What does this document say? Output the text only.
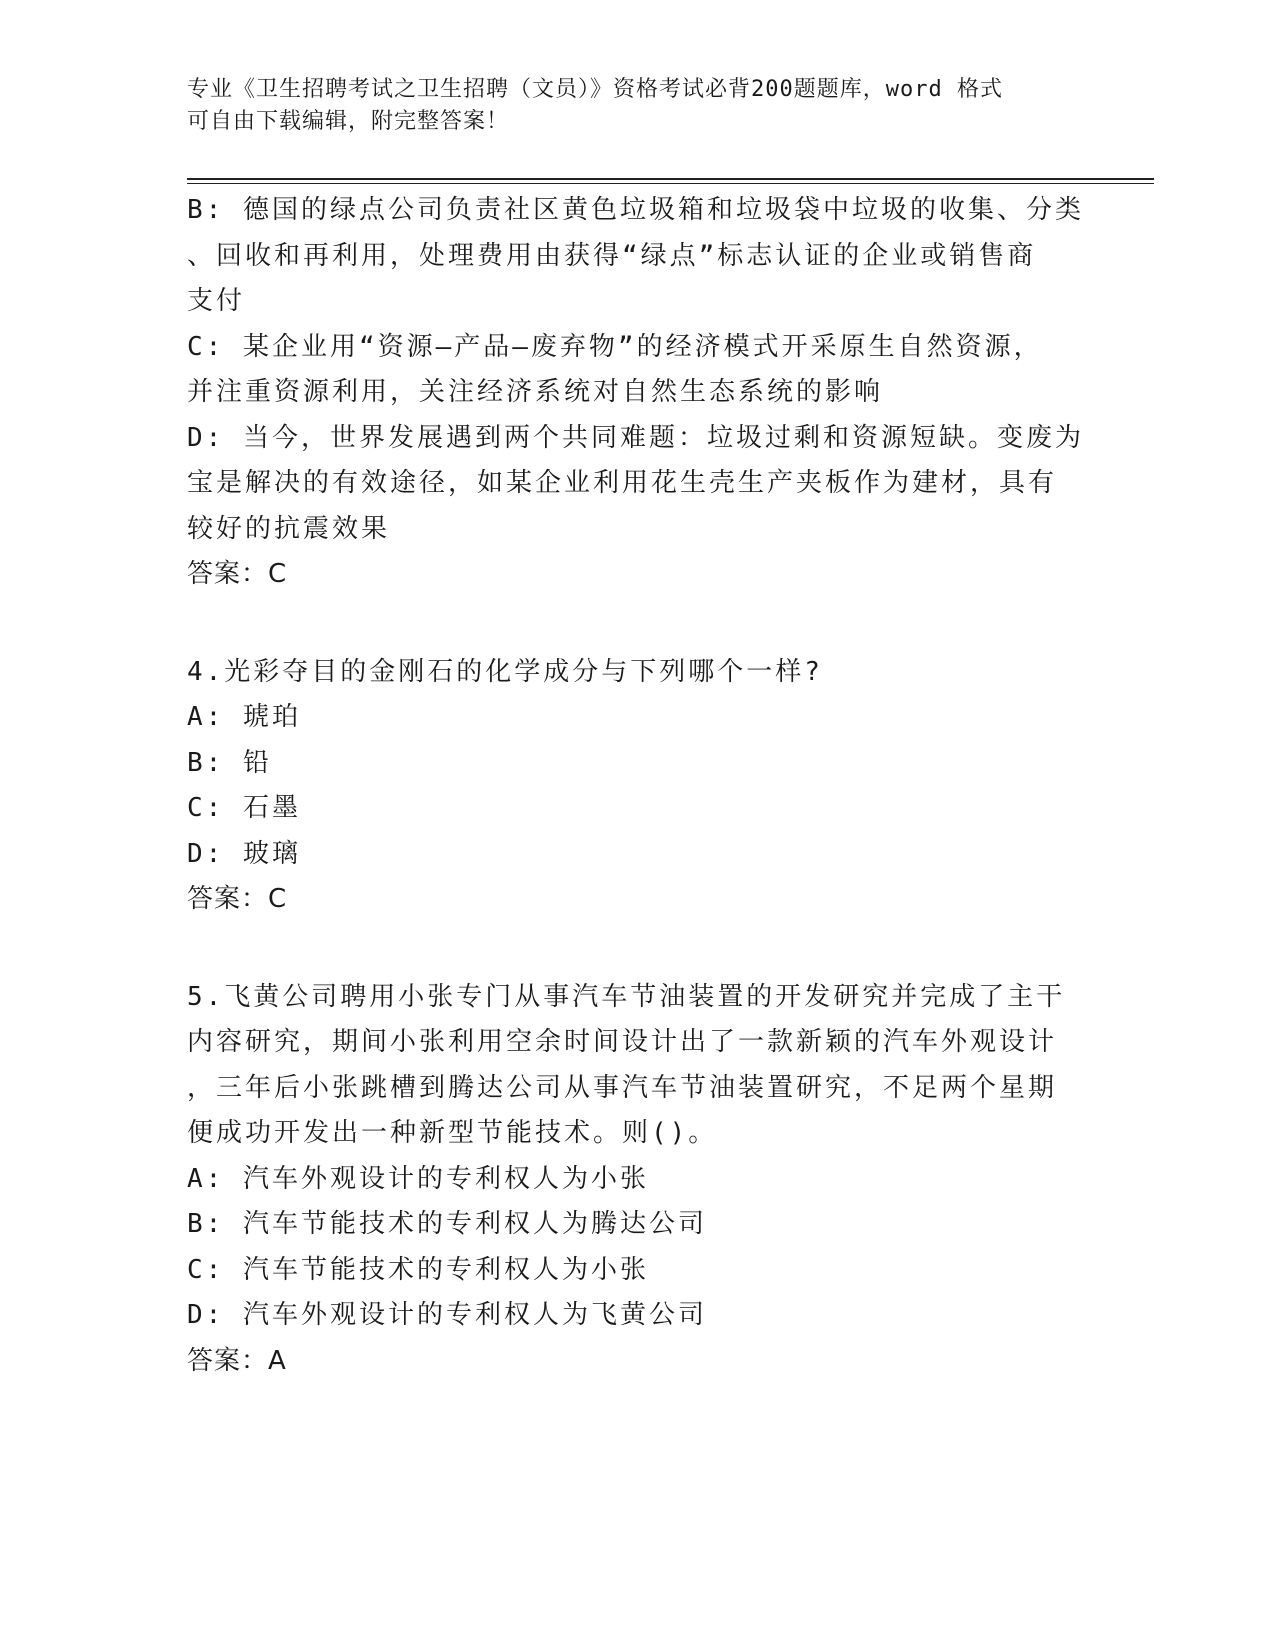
专业《卫生招聘考试之卫生招聘（文员）》资格考试必背200题题库，word 格式
可自由下载编辑，附完整答案！
B: 德国的绿点公司负责社区黄色垃圾箱和垃圾袋中垃圾的收集、分类
、回收和再利用，处理费用由获得“绿点”标志认证的企业或销售商
支付
C: 某企业用“资源—产品—废弃物”的经济模式开采原生自然资源，
并注重资源利用，关注经济系统对自然生态系统的影响
D: 当今，世界发展遇到两个共同难题：垃圾过剩和资源短缺。变废为
宝是解决的有效途径，如某企业利用花生壳生产夹板作为建材，具有
较好的抗震效果
答案：C
4.光彩夺目的金刚石的化学成分与下列哪个一样?
A: 琥珀
B: 铅
C: 石墨
D: 玻璃
答案：C
5.飞黄公司聘用小张专门从事汽车节油装置的开发研究并完成了主干
内容研究，期间小张利用空余时间设计出了一款新颖的汽车外观设计
，三年后小张跳槽到腾达公司从事汽车节油装置研究，不足两个星期
便成功开发出一种新型节能技术。则()。
A: 汽车外观设计的专利权人为小张
B: 汽车节能技术的专利权人为腾达公司
C: 汽车节能技术的专利权人为小张
D: 汽车外观设计的专利权人为飞黄公司
答案：A
